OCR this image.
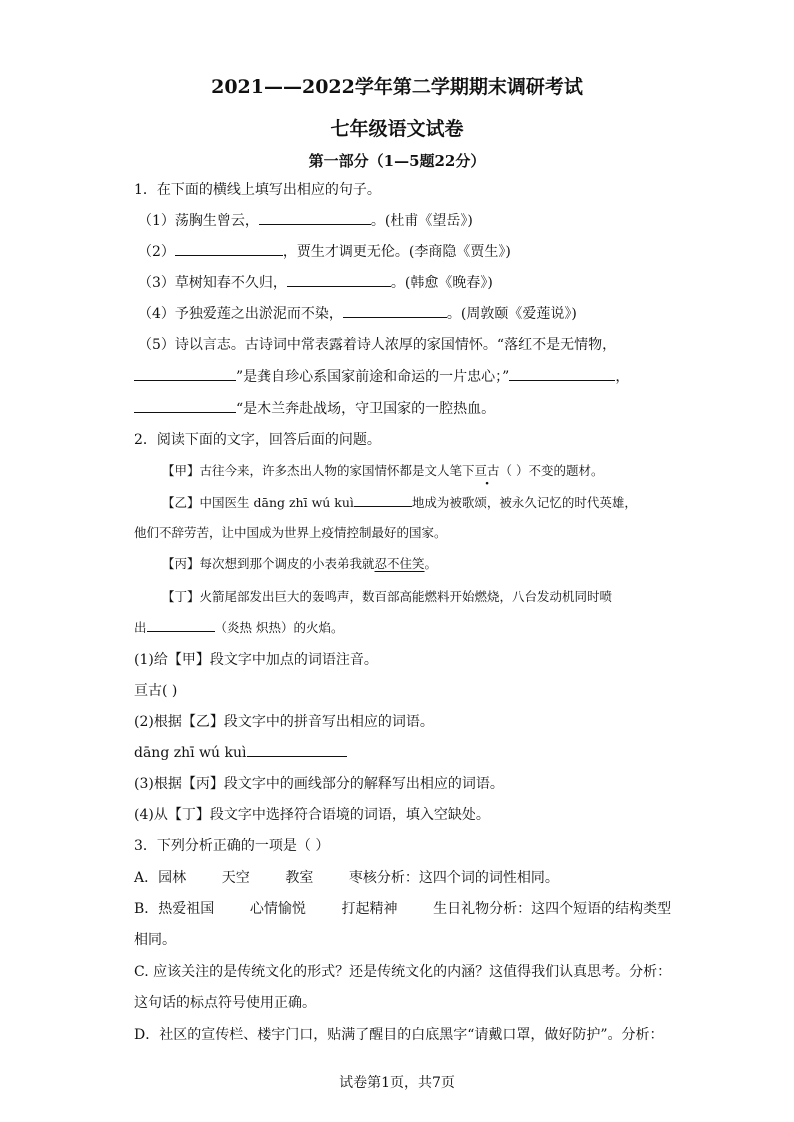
2021——2022学年第二学期期末调研考试
七年级语文试卷
第一部分（1—5题22分）
1．在下面的横线上填写出相应的句子。
（1）荡胸生曾云，	。(杜甫《望岳》)
（2）	，贾生才调更无伦。(李商隐《贾生》)
（3）草树知春不久归，	。(韩愈《晚春》)
（4）予独爱莲之出淤泥而不染，	。(周敦颐《爱莲说》)
（5）诗以言志。古诗词中常表露着诗人浓厚的家国情怀。“落红不是无情物，
”是龚自珍心系国家前途和命运的一片忠心；”	，
“是木兰奔赴战场，守卫国家的一腔热血。
2．阅读下面的文字，回答后面的问题。
【甲】古往今来，许多杰出人物的家国情怀都是文人笔下亘古（ ）不变的题材。
【乙】中国医生 dāng zhī wú kuì	地成为被歌颂，被永久记忆的时代英雄，
他们不辞劳苦，让中国成为世界上疫情控制最好的国家。
【丙】每次想到那个调皮的小表弟我就忍不住笑。
【丁】火箭尾部发出巨大的轰鸣声，数百部高能燃料开始燃烧，八台发动机同时喷
出	（炎热 炽热）的火焰。
(1)给【甲】段文字中加点的词语注音。
亘古( )
(2)根据【乙】段文字中的拼音写出相应的词语。
dāng zhī wú kuì
(3)根据【丙】段文字中的画线部分的解释写出相应的词语。
(4)从【丁】段文字中选择符合语境的词语，填入空缺处。
3．下列分析正确的一项是（ ）
A．园林        天空        教室        枣核分析：这四个词的词性相同。
B．热爱祖国        心情愉悦        打起精神        生日礼物分析：这四个短语的结构类型
相同。
C. 应该关注的是传统文化的形式？还是传统文化的内涵？这值得我们认真思考。分析：
这句话的标点符号使用正确。
D．社区的宣传栏、楼宇门口，贴满了醒目的白底黑字“请戴口罩，做好防护”。分析：
试卷第1页，共7页
